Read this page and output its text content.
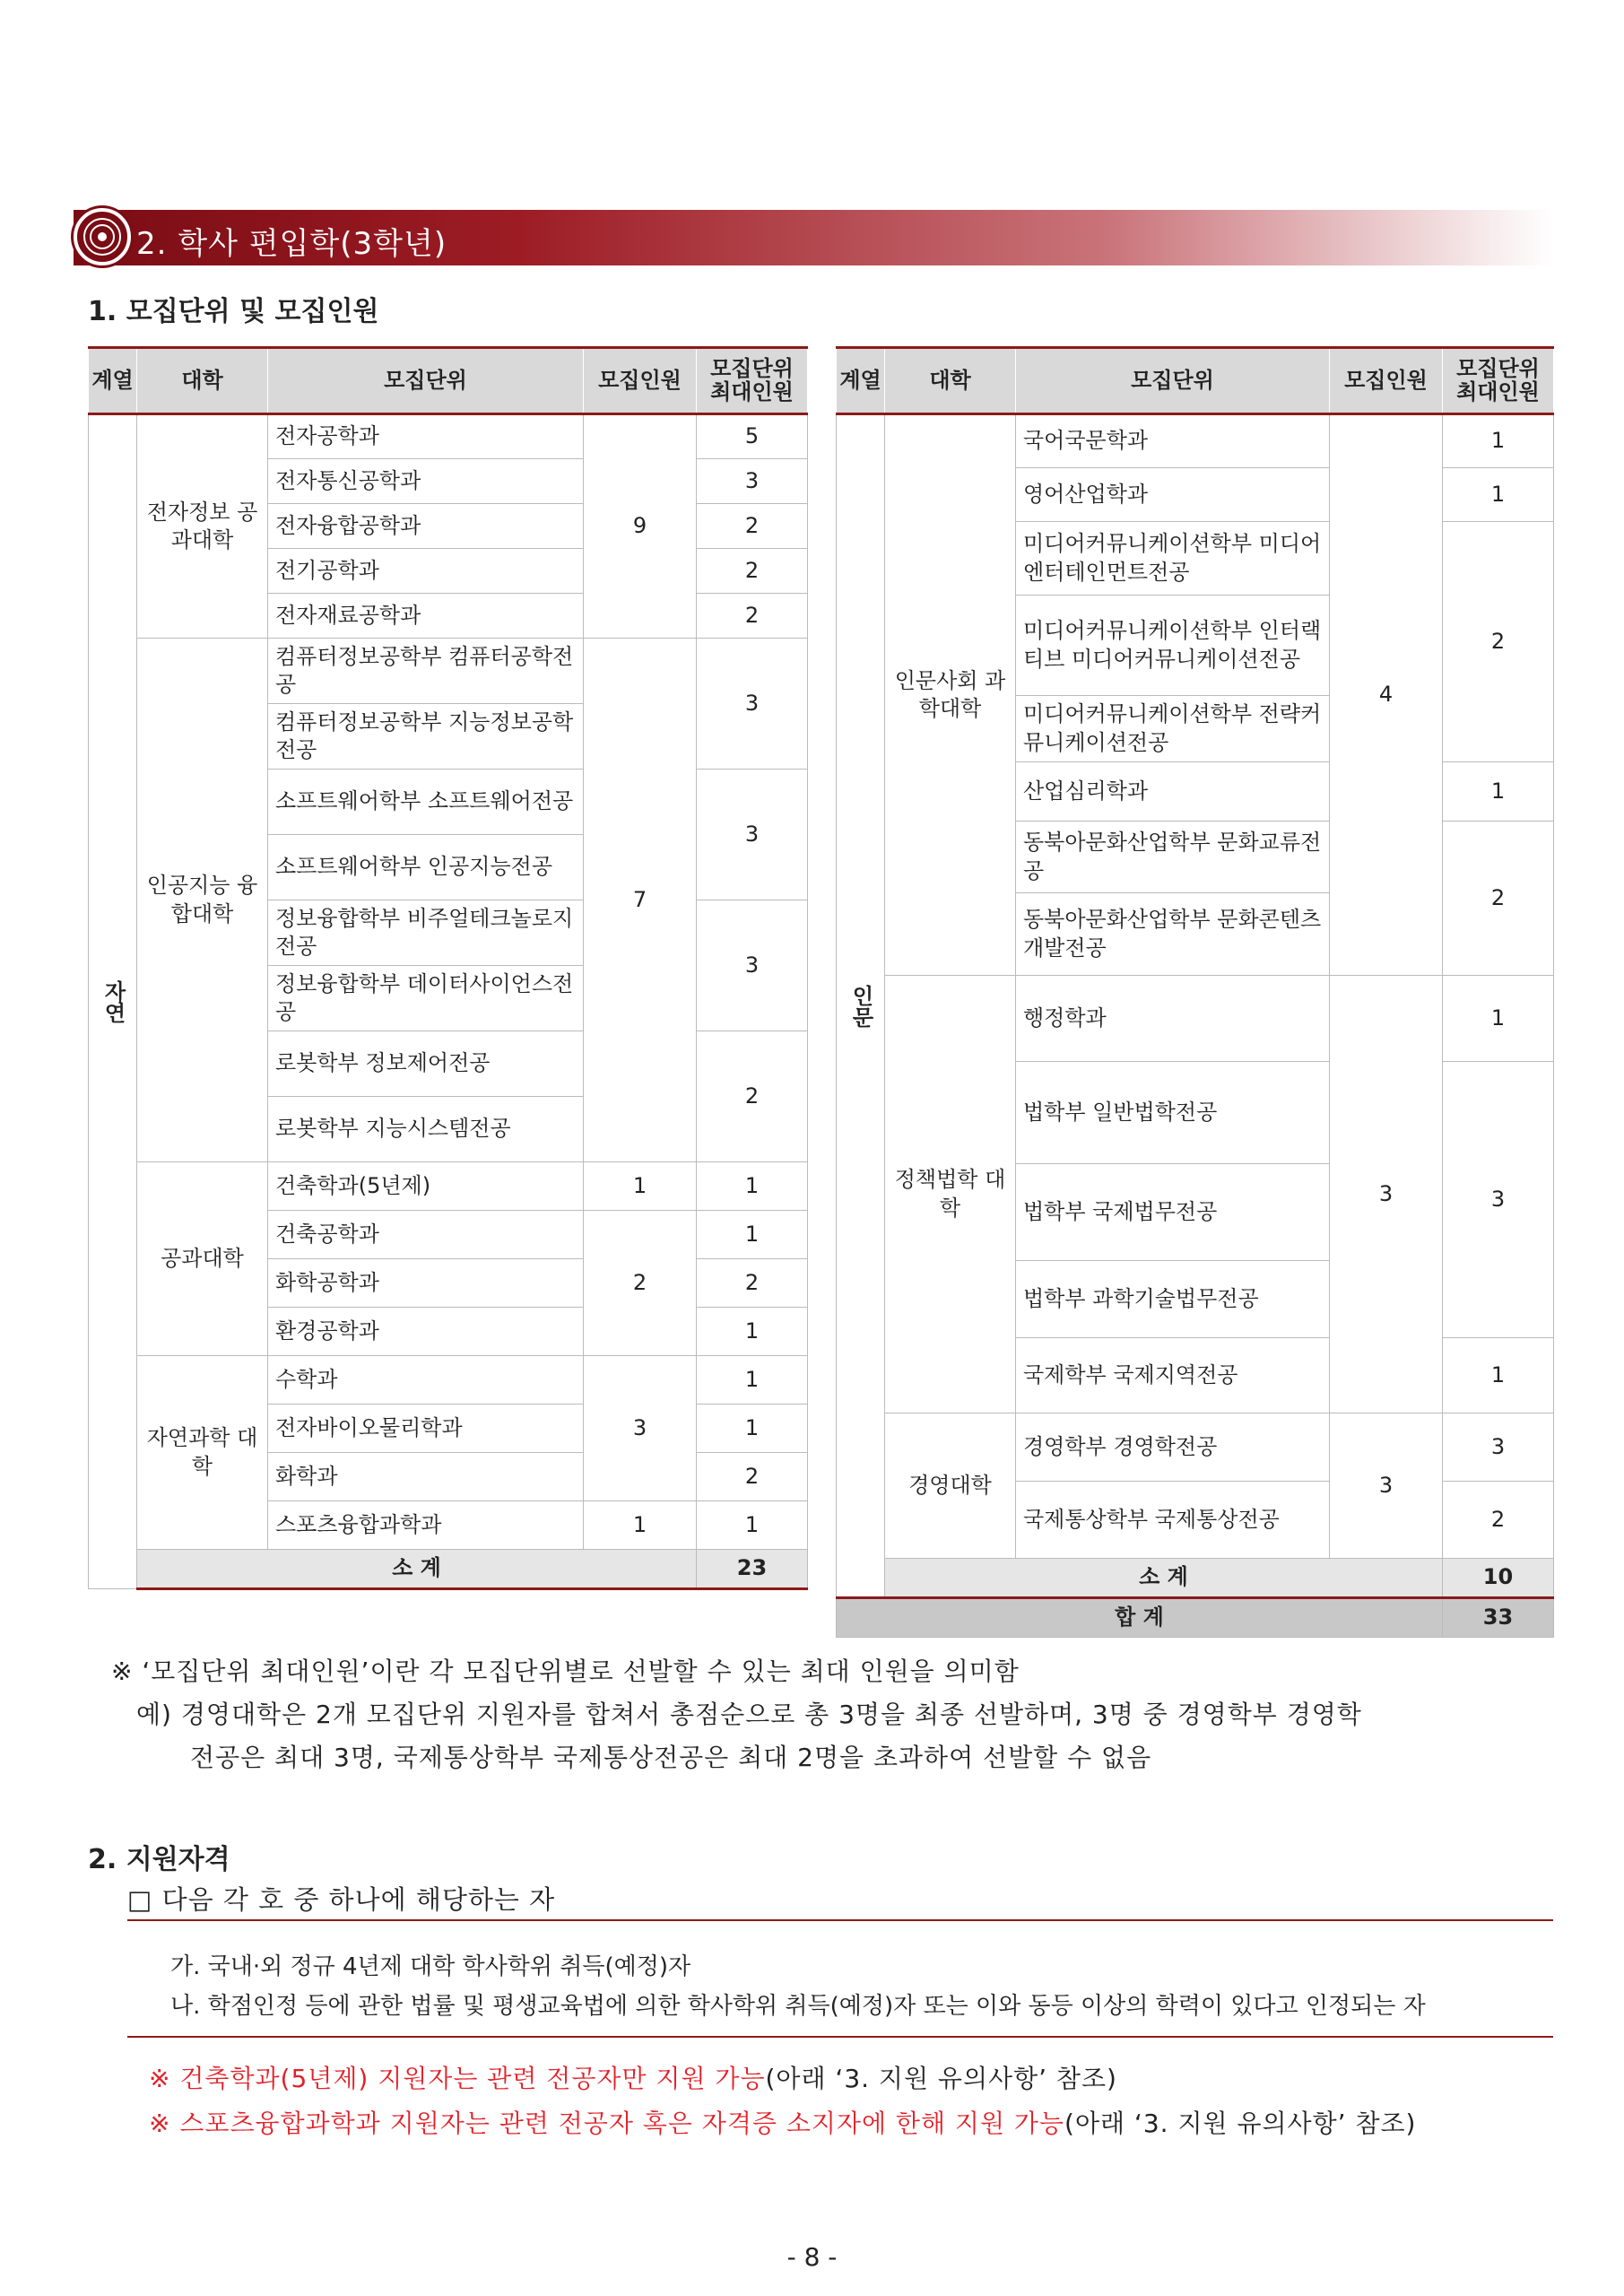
2. 학사 편입학(3학년)
1. 모집단위 및 모집인원
계열	대학	모집단위	모집인원	모집단위 최대인원	
자연	전자정보 공과대학	전자공학과	9	5	
		전자통신공학과		3	
		전자융합공학과		2	
		전기공학과		2	
		전자재료공학과		2	
	인공지능 융합대학	컴퓨터정보공학부 컴퓨터공학전공	7	3	
		컴퓨터정보공학부 지능정보공학전공			
		소프트웨어학부 소프트웨어전공		3	
		소프트웨어학부 인공지능전공			
		정보융합학부 비주얼테크놀로지전공		3	
		정보융합학부 데이터사이언스전공			
		로봇학부 정보제어전공		2	
		로봇학부 지능시스템전공			
	공과대학	건축학과(5년제)	1	1	
		건축공학과	2	1	
		화학공학과		2	
		환경공학과		1	
	자연과학 대학	수학과	3	1	
		전자바이오물리학과		1	
		화학과		2	
		스포츠융합과학과	1	1	
	소 계			23	
계열	대학	모집단위	모집인원	모집단위 최대인원	
인문	인문사회 과학대학	국어국문학과	4	1	
		영어산업학과		1	
		미디어커뮤니케이션학부 미디어엔터테인먼트전공		2	
		미디어커뮤니케이션학부 인터랙티브 미디어커뮤니케이션전공			
		미디어커뮤니케이션학부 전략커뮤니케이션전공			
		산업심리학과		1	
		동북아문화산업학부 문화교류전공		2	
		동북아문화산업학부 문화콘텐츠개발전공			
	정책법학 대학	행정학과	3	1	
		법학부 일반법학전공		3	
		법학부 국제법무전공			
		법학부 과학기술법무전공			
		국제학부 국제지역전공		1	
	경영대학	경영학부 경영학전공	3	3	
		국제통상학부 국제통상전공		2	
	소 계			10	
합 계				33	
※ ‘모집단위 최대인원’이란 각 모집단위별로 선발할 수 있는 최대 인원을 의미함
예) 경영대학은 2개 모집단위 지원자를 합쳐서 총점순으로 총 3명을 최종 선발하며, 3명 중 경영학부 경영학
전공은 최대 3명, 국제통상학부 국제통상전공은 최대 2명을 초과하여 선발할 수 없음
2. 지원자격
□ 다음 각 호 중 하나에 해당하는 자
가. 국내·외 정규 4년제 대학 학사학위 취득(예정)자
나. 학점인정 등에 관한 법률 및 평생교육법에 의한 학사학위 취득(예정)자 또는 이와 동등 이상의 학력이 있다고 인정되는 자
※ 건축학과(5년제) 지원자는 관련 전공자만 지원 가능(아래 ‘3. 지원 유의사항’ 참조)
※ 스포츠융합과학과 지원자는 관련 전공자 혹은 자격증 소지자에 한해 지원 가능(아래 ‘3. 지원 유의사항’ 참조)
- 8 -
